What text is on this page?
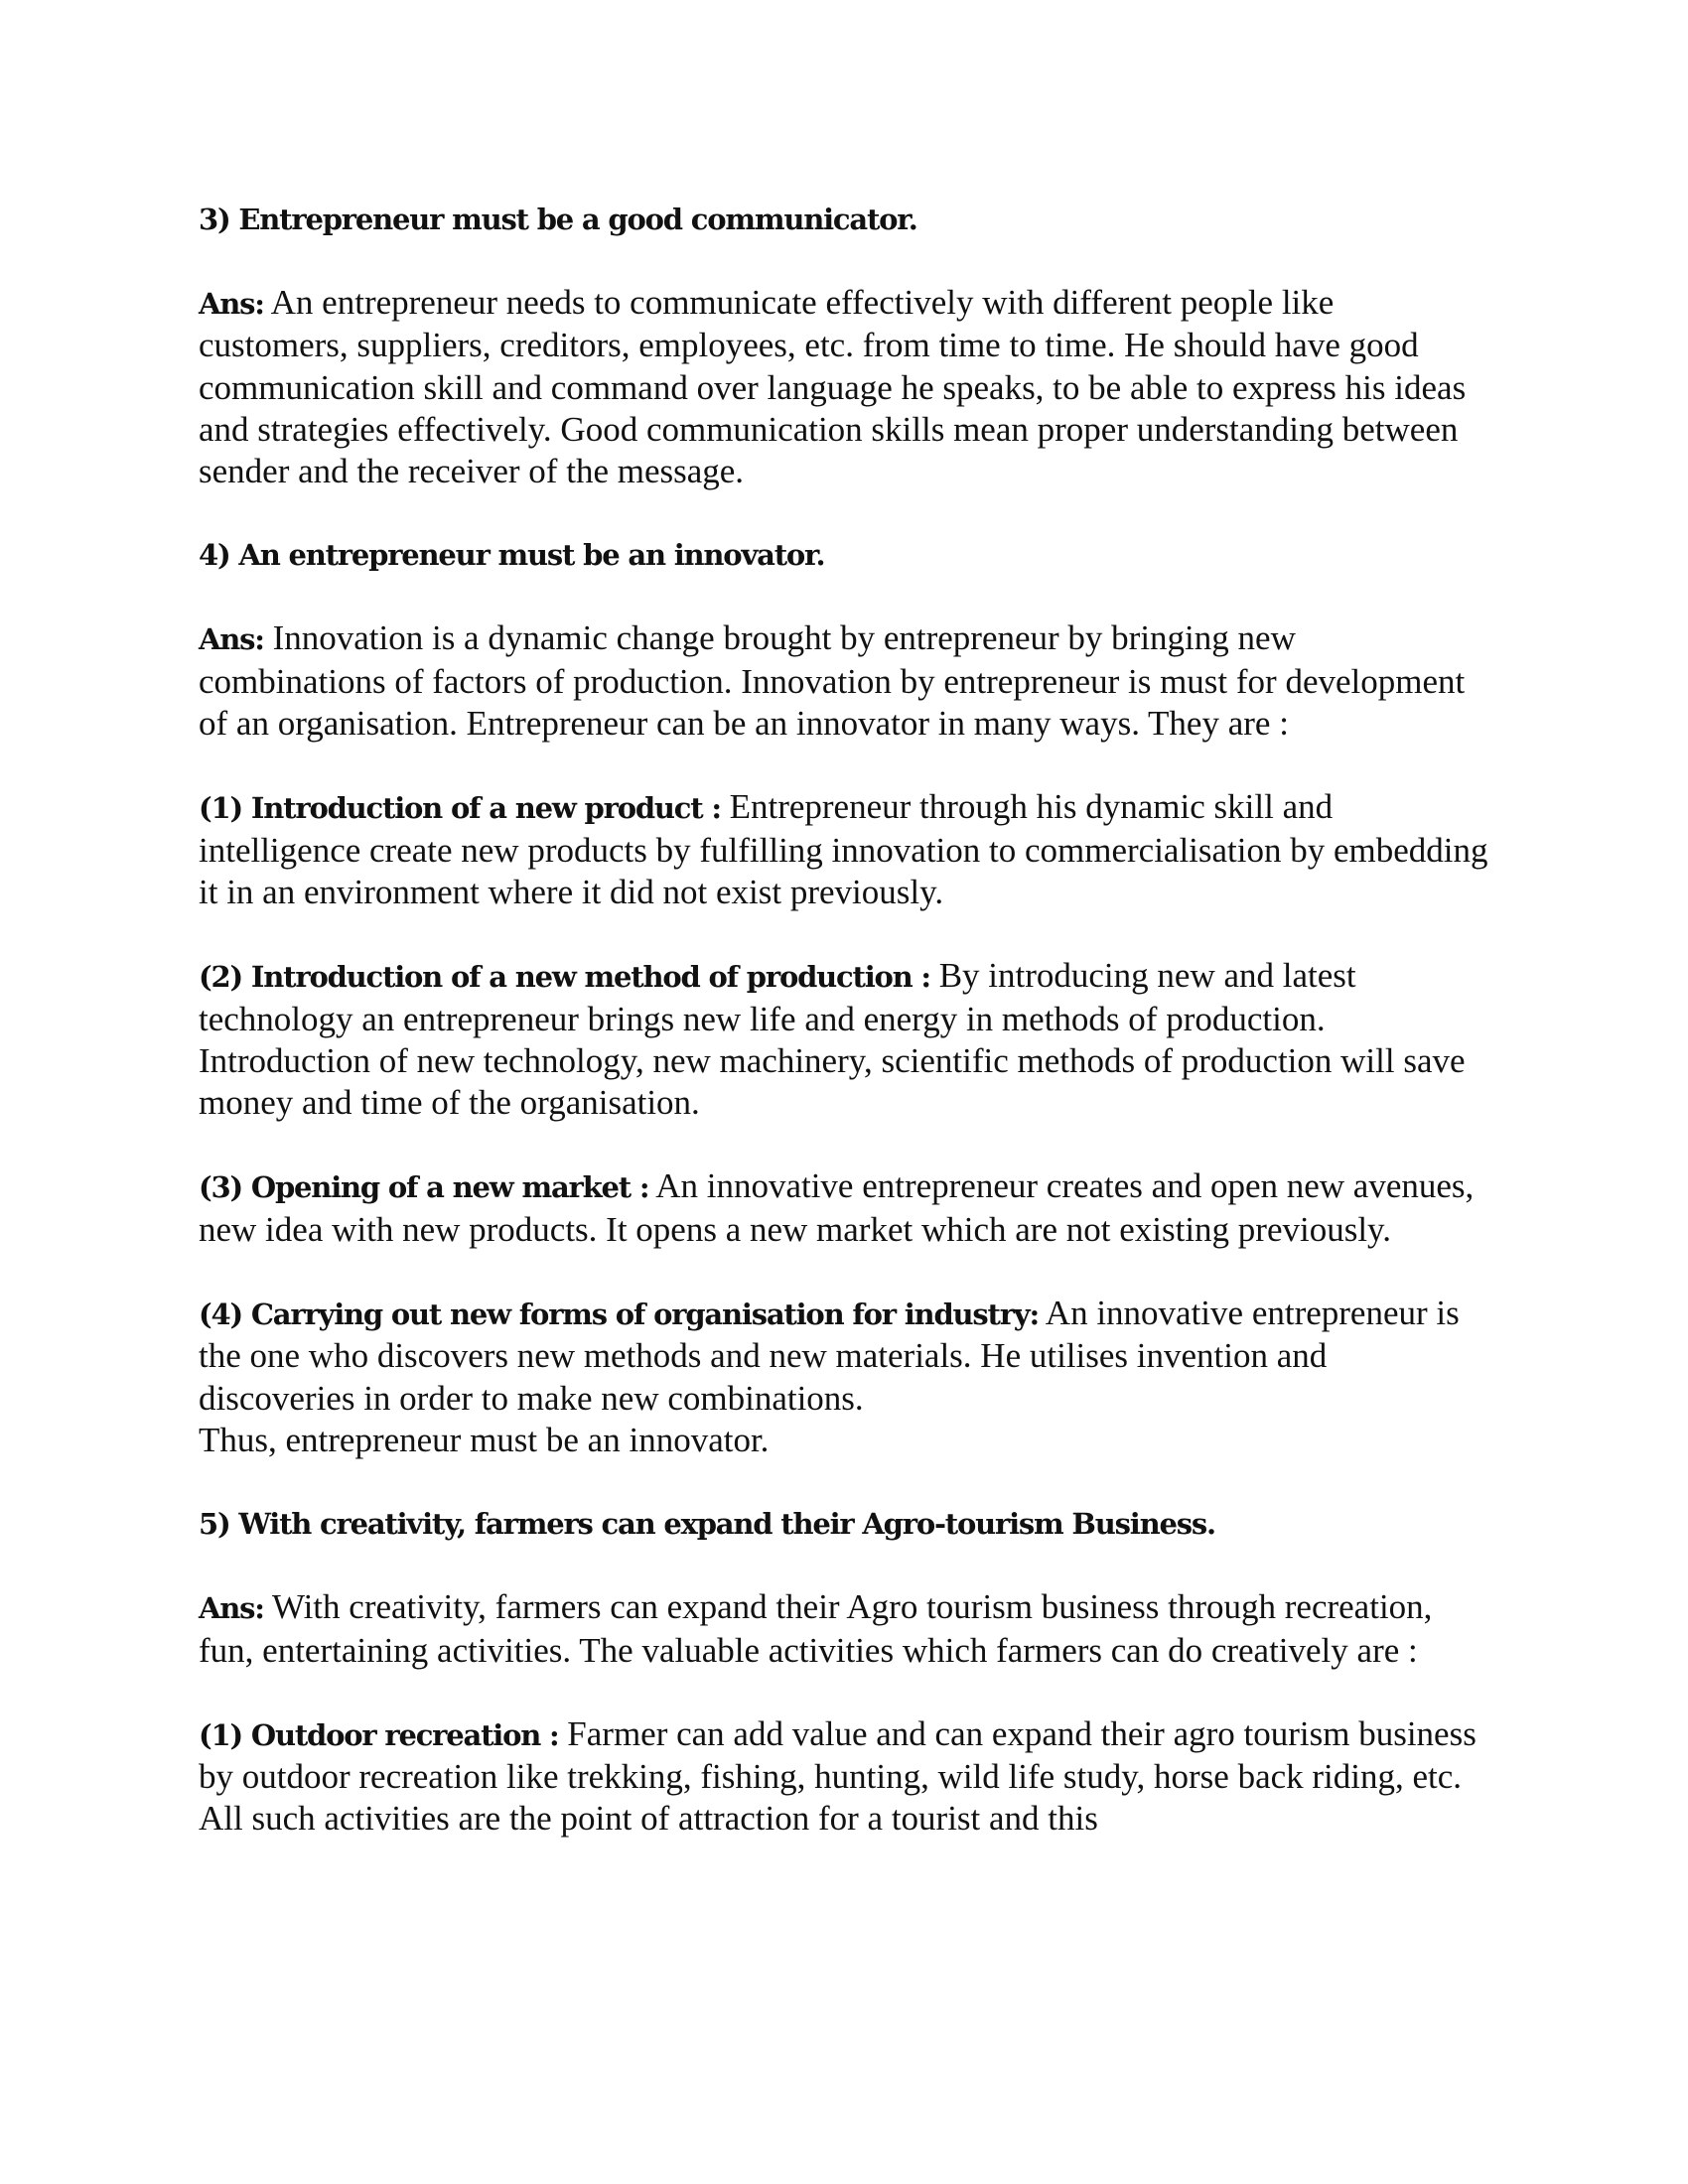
3) Entrepreneur must be a good communicator.
Ans: An entrepreneur needs to communicate effectively with different people like customers, suppliers, creditors, employees, etc. from time to time. He should have good communication skill and command over language he speaks, to be able to express his ideas and strategies effectively. Good communication skills mean proper understanding between sender and the receiver of the message.
4) An entrepreneur must be an innovator.
Ans: Innovation is a dynamic change brought by entrepreneur by bringing new combinations of factors of production. Innovation by entrepreneur is must for development of an organisation. Entrepreneur can be an innovator in many ways. They are :
(1) Introduction of a new product : Entrepreneur through his dynamic skill and intelligence create new products by fulfilling innovation to commercialisation by embedding it in an environment where it did not exist previously.
(2) Introduction of a new method of production : By introducing new and latest technology an entrepreneur brings new life and energy in methods of production. Introduction of new technology, new machinery, scientific methods of production will save money and time of the organisation.
(3) Opening of a new market : An innovative entrepreneur creates and open new avenues, new idea with new products. It opens a new market which are not existing previously.
(4) Carrying out new forms of organisation for industry: An innovative entrepreneur is the one who discovers new methods and new materials. He utilises invention and discoveries in order to make new combinations.
Thus, entrepreneur must be an innovator.
5) With creativity, farmers can expand their Agro-tourism Business.
Ans: With creativity, farmers can expand their Agro tourism business through recreation, fun, entertaining activities. The valuable activities which farmers can do creatively are :
(1) Outdoor recreation : Farmer can add value and can expand their agro tourism business by outdoor recreation like trekking, fishing, hunting, wild life study, horse back riding, etc. All such activities are the point of attraction for a tourist and this
